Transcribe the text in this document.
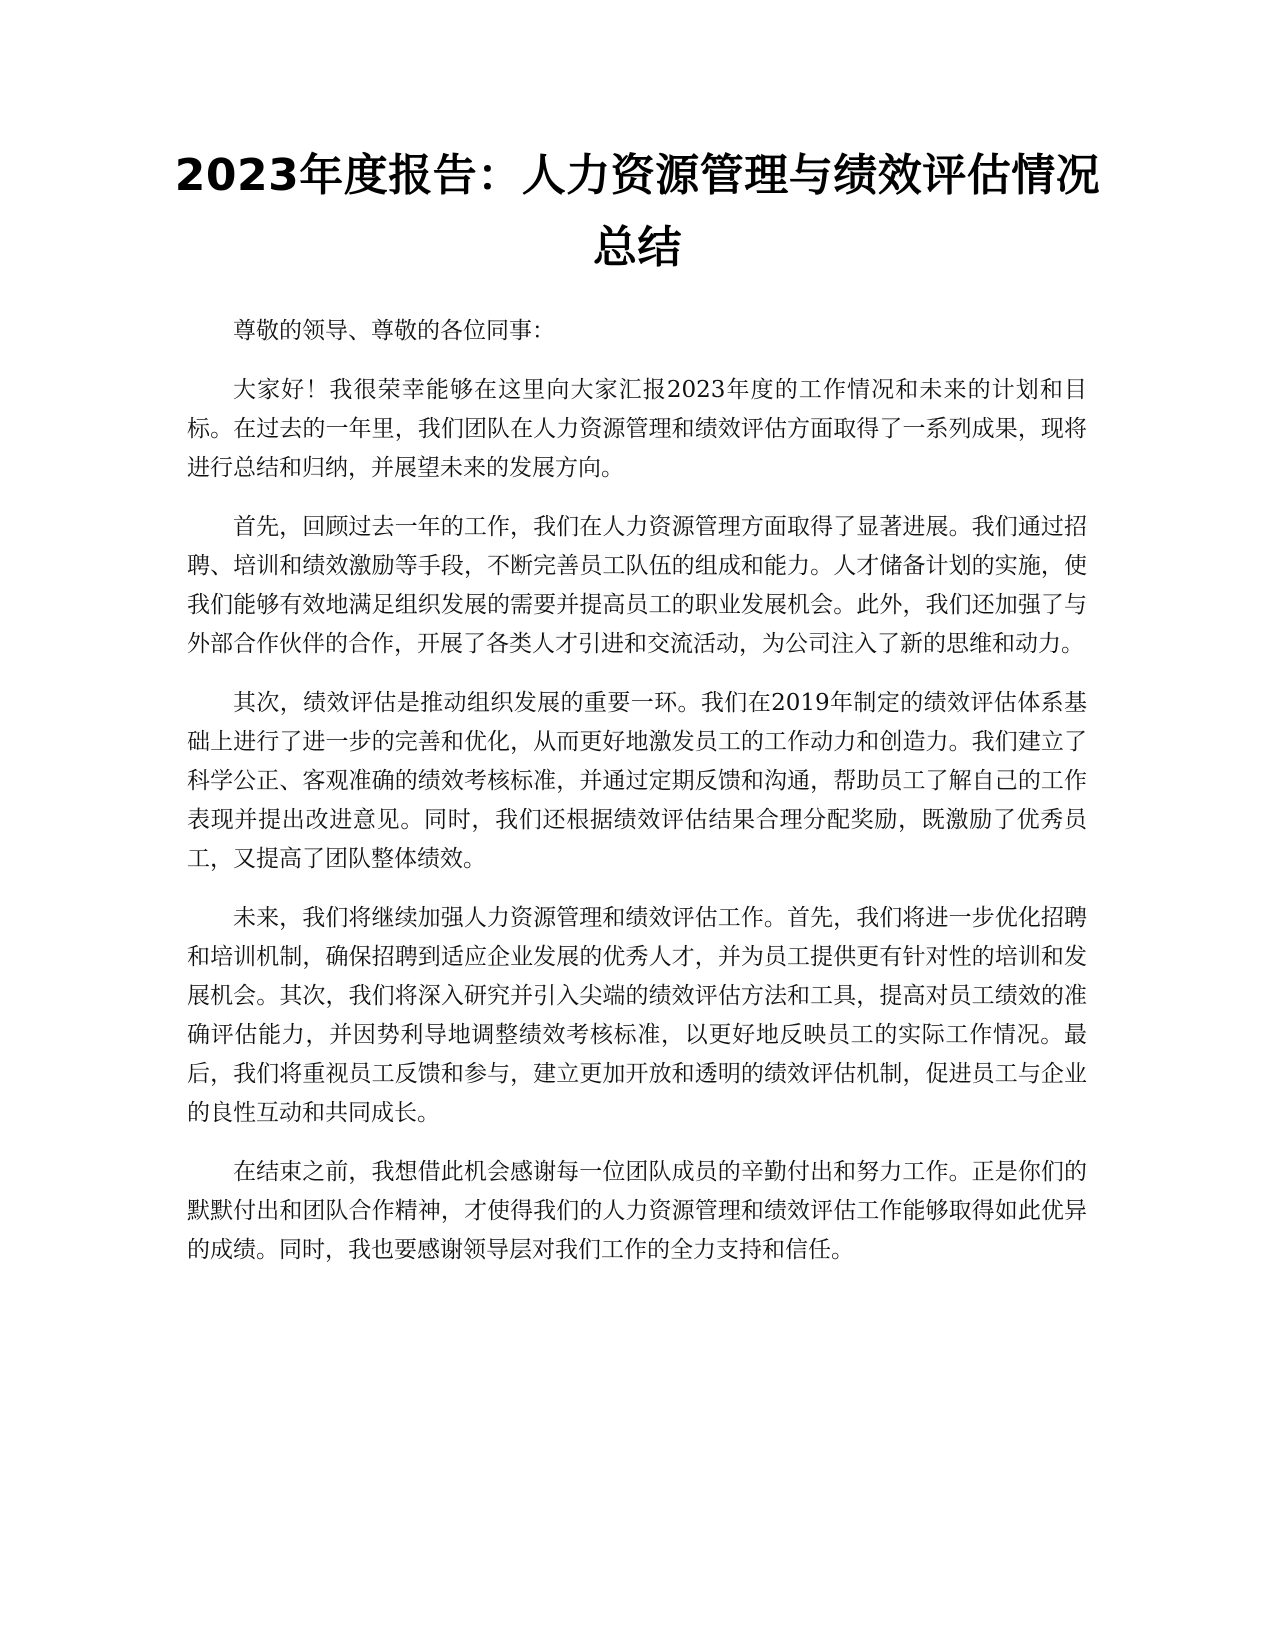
2023年度报告：人力资源管理与绩效评估情况总结

尊敬的领导、尊敬的各位同事：

大家好！我很荣幸能够在这里向大家汇报2023年度的工作情况和未来的计划和目标。在过去的一年里，我们团队在人力资源管理和绩效评估方面取得了一系列成果，现将进行总结和归纳，并展望未来的发展方向。

首先，回顾过去一年的工作，我们在人力资源管理方面取得了显著进展。我们通过招聘、培训和绩效激励等手段，不断完善员工队伍的组成和能力。人才储备计划的实施，使我们能够有效地满足组织发展的需要并提高员工的职业发展机会。此外，我们还加强了与外部合作伙伴的合作，开展了各类人才引进和交流活动，为公司注入了新的思维和动力。

其次，绩效评估是推动组织发展的重要一环。我们在2019年制定的绩效评估体系基础上进行了进一步的完善和优化，从而更好地激发员工的工作动力和创造力。我们建立了科学公正、客观准确的绩效考核标准，并通过定期反馈和沟通，帮助员工了解自己的工作表现并提出改进意见。同时，我们还根据绩效评估结果合理分配奖励，既激励了优秀员工，又提高了团队整体绩效。

未来，我们将继续加强人力资源管理和绩效评估工作。首先，我们将进一步优化招聘和培训机制，确保招聘到适应企业发展的优秀人才，并为员工提供更有针对性的培训和发展机会。其次，我们将深入研究并引入尖端的绩效评估方法和工具，提高对员工绩效的准确评估能力，并因势利导地调整绩效考核标准，以更好地反映员工的实际工作情况。最后，我们将重视员工反馈和参与，建立更加开放和透明的绩效评估机制，促进员工与企业的良性互动和共同成长。

在结束之前，我想借此机会感谢每一位团队成员的辛勤付出和努力工作。正是你们的默默付出和团队合作精神，才使得我们的人力资源管理和绩效评估工作能够取得如此优异的成绩。同时，我也要感谢领导层对我们工作的全力支持和信任。
